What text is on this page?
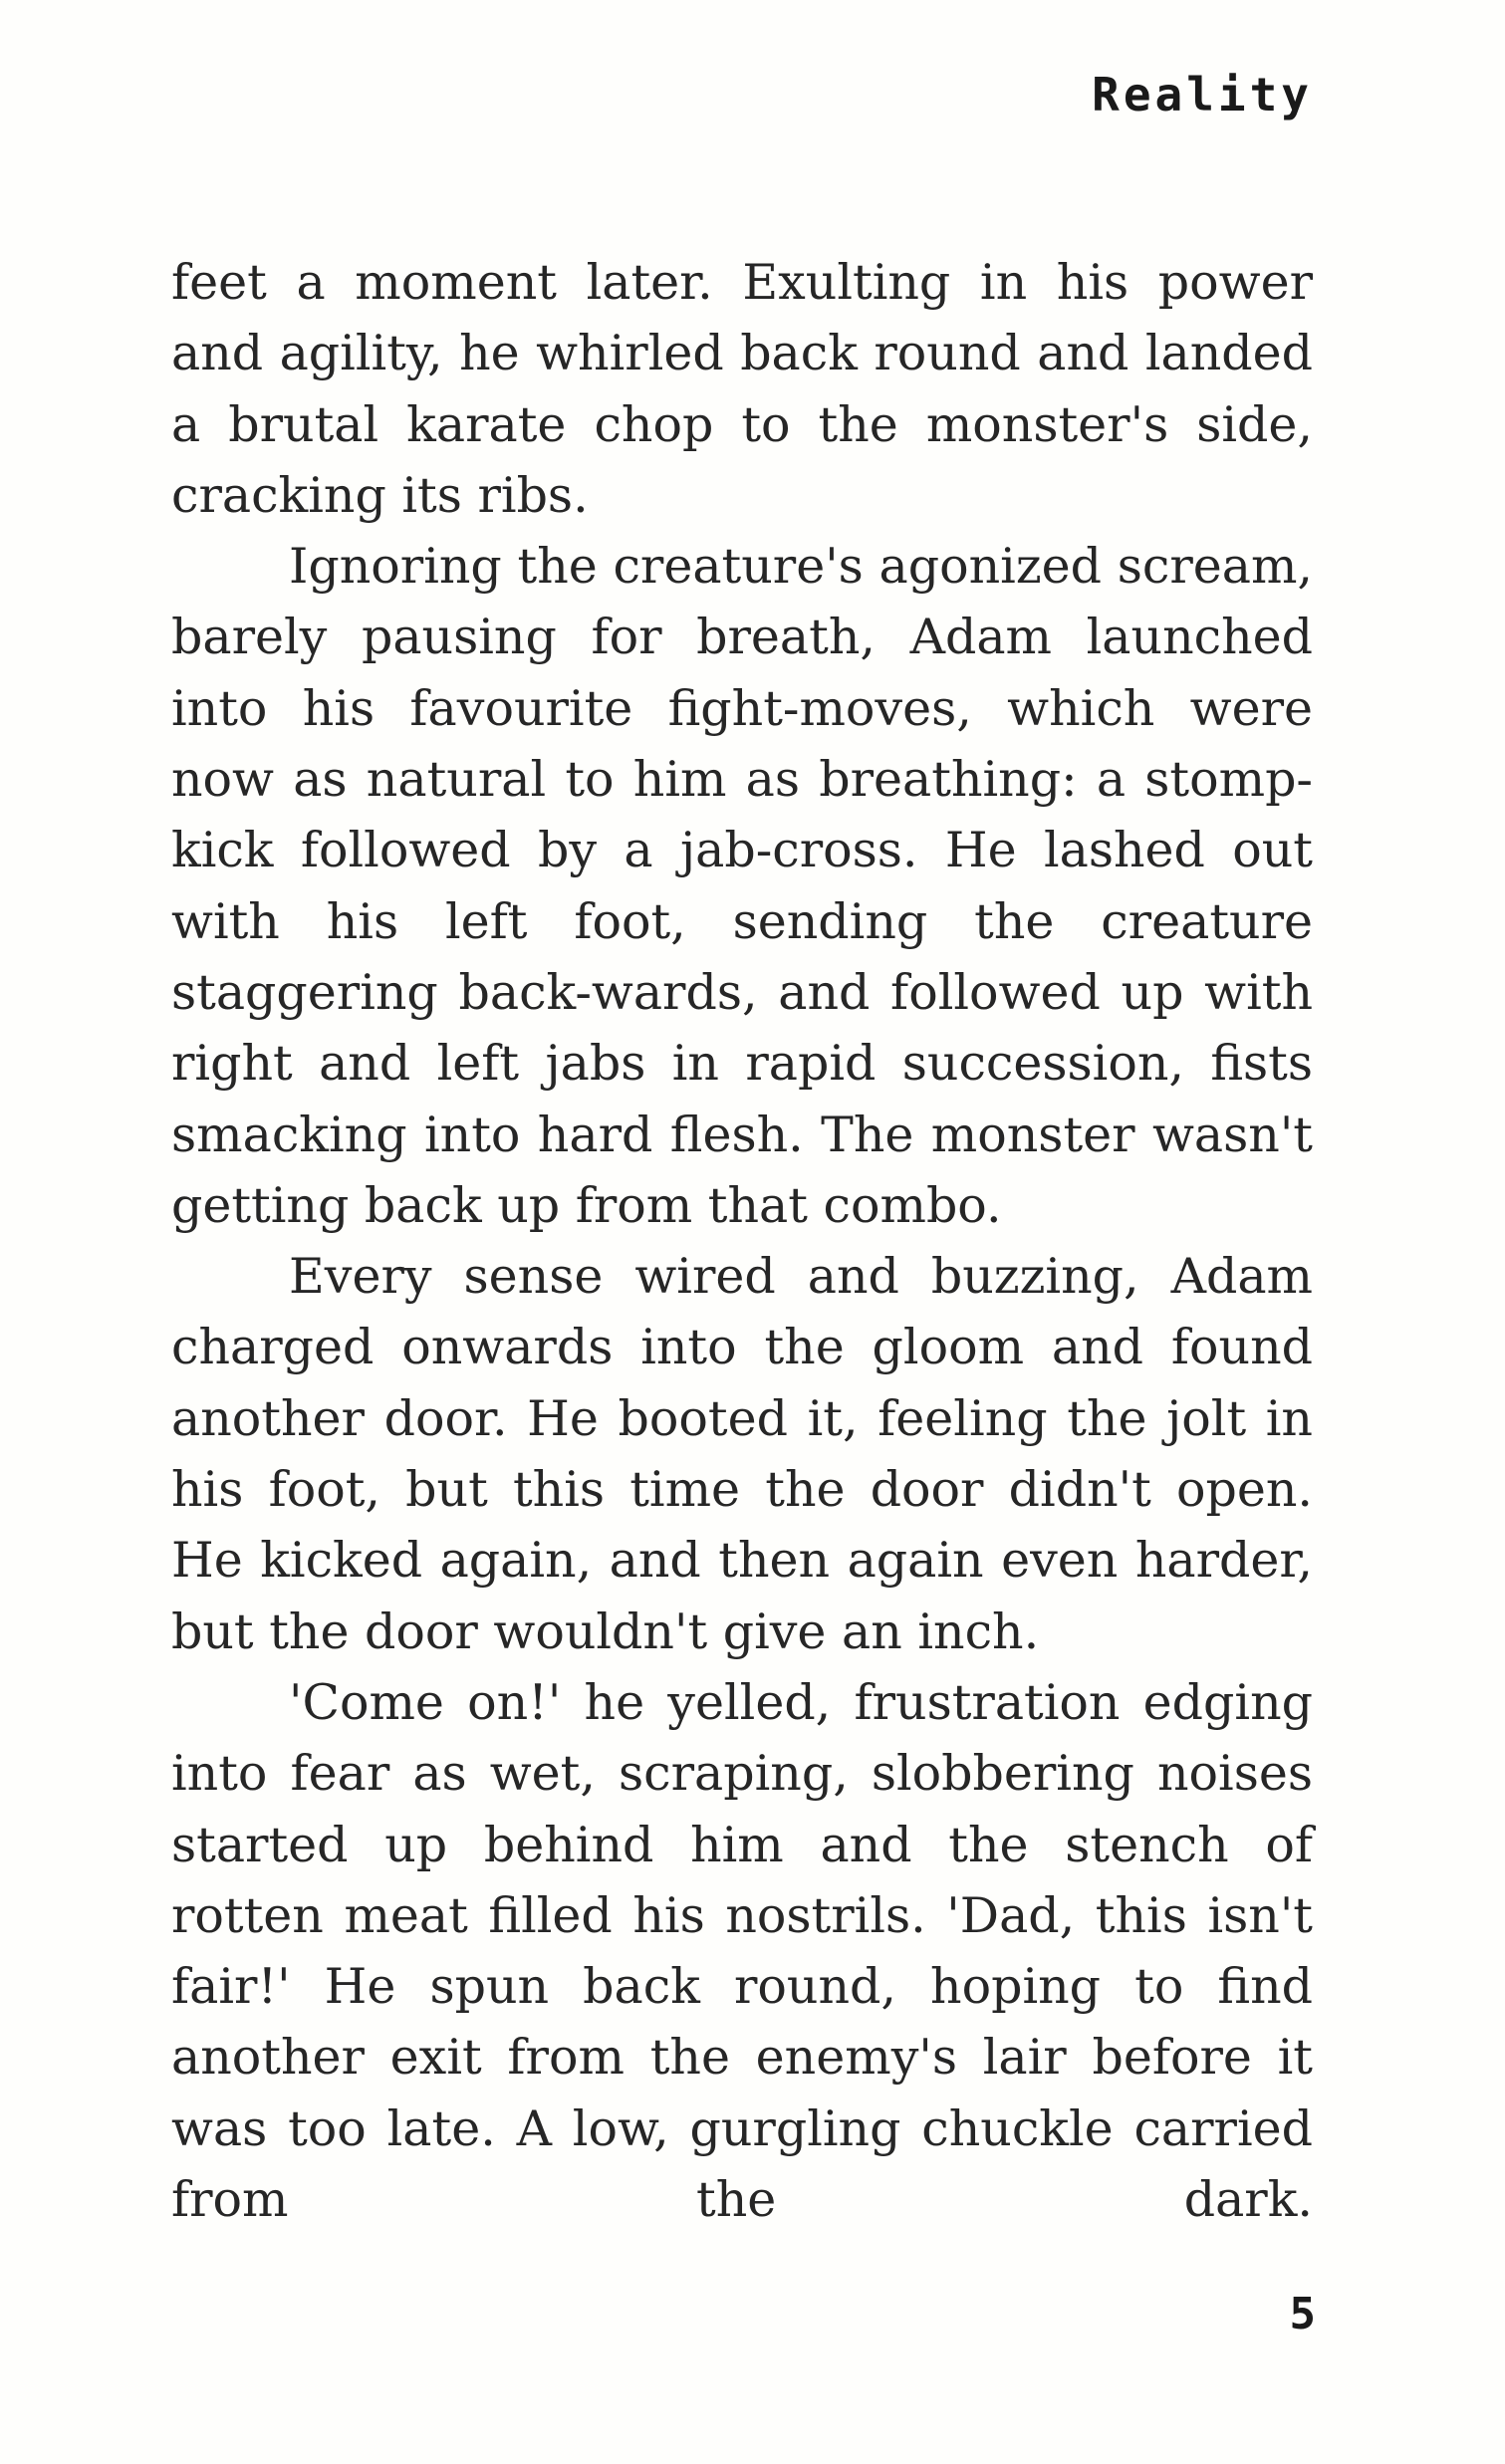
Reality

feet a moment later. Exulting in his power and agility, he whirled back round and landed a brutal karate chop to the monster's side, cracking its ribs.

Ignoring the creature's agonized scream, barely pausing for breath, Adam launched into his favourite fight-moves, which were now as natural to him as breathing: a stomp-kick followed by a jab-cross. He lashed out with his left foot, sending the creature staggering back-​wards, and followed up with right and left jabs in rapid succession, fists smacking into hard flesh. The monster wasn't getting back up from that combo.

Every sense wired and buzzing, Adam charged onwards into the gloom and found another door. He booted it, feeling the jolt in his foot, but this time the door didn't open. He kicked again, and then again even harder, but the door wouldn't give an inch.

'Come on!' he yelled, frustration edging into fear as wet, scraping, slobbering noises started up behind him and the stench of rotten meat filled his nostrils. 'Dad, this isn't fair!' He spun back round, hoping to find another exit from the enemy's lair before it was too late. A low, gurgling chuckle carried from the dark.

5
